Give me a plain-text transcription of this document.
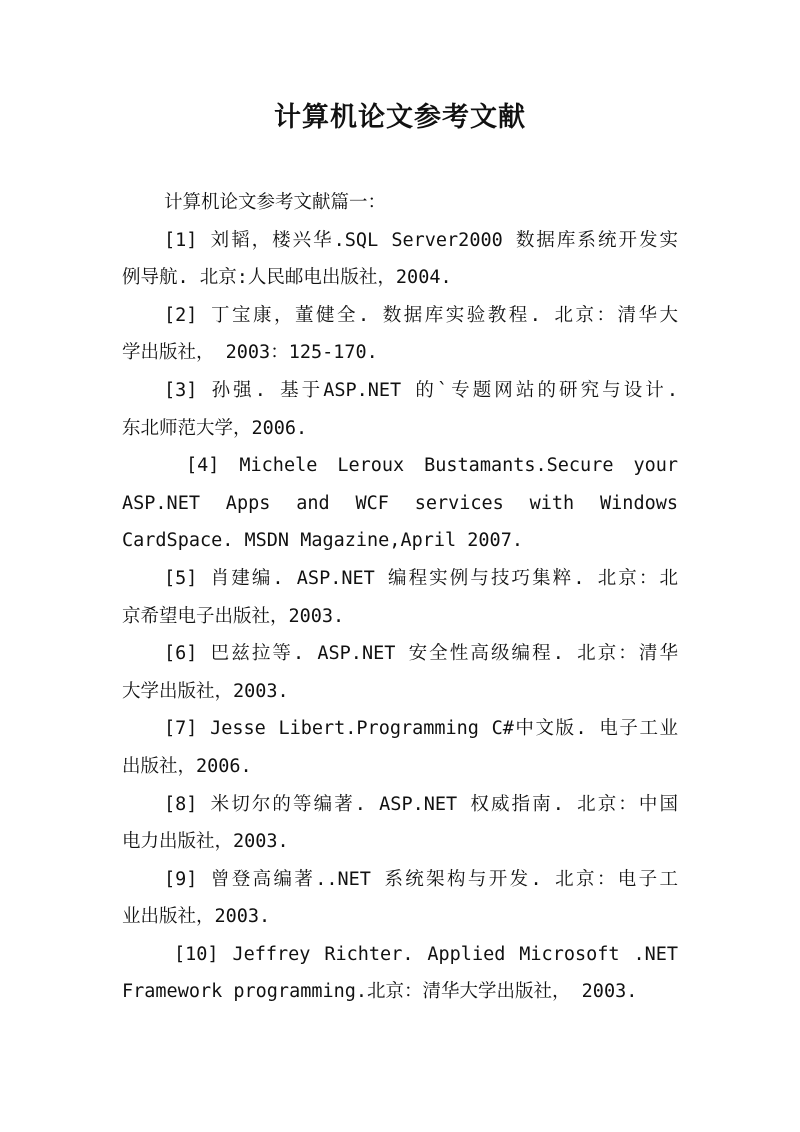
计算机论文参考文献
计算机论文参考文献篇一：
[1] 刘韬，楼兴华.SQL Server2000 数据库系统开发实
例导航. 北京:人民邮电出版社，2004.
[2] 丁宝康，董健全. 数据库实验教程. 北京：清华大
学出版社， 2003：125-170.
[3] 孙强. 基于ASP.NET 的`专题网站的研究与设计.
东北师范大学，2006.
[4] Michele Leroux Bustamants.Secure your
ASP.NET Apps and WCF services with Windows
CardSpace. MSDN Magazine,April 2007.
[5] 肖建编. ASP.NET 编程实例与技巧集粹. 北京：北
京希望电子出版社，2003.
[6] 巴兹拉等. ASP.NET 安全性高级编程. 北京：清华
大学出版社，2003.
[7] Jesse Libert.Programming C#中文版. 电子工业
出版社，2006.
[8] 米切尔的等编著. ASP.NET 权威指南. 北京：中国
电力出版社，2003.
[9] 曾登高编著..NET 系统架构与开发. 北京：电子工
业出版社，2003.
[10] Jeffrey Richter. Applied Microsoft .NET
Framework programming.北京：清华大学出版社， 2003.
